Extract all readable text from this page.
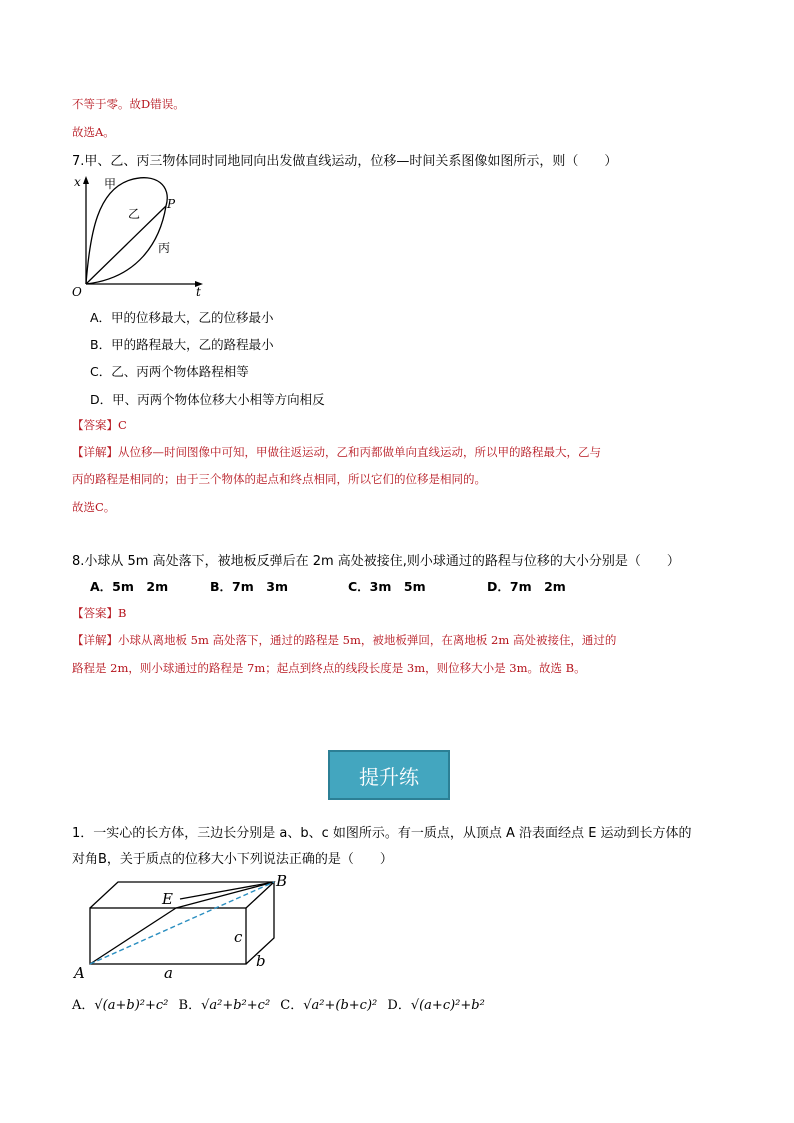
不等于零。故D错误。
故选A。
7.甲、乙、丙三物体同时同地同向出发做直线运动，位移—时间关系图像如图所示，则（　　）
x
t
O
P
甲
乙
丙
A．甲的位移最大，乙的位移最小
B．甲的路程最大，乙的路程最小
C．乙、丙两个物体路程相等
D．甲、丙两个物体位移大小相等方向相反
【答案】C
【详解】从位移—时间图像中可知，甲做往返运动，乙和丙都做单向直线运动，所以甲的路程最大，乙与
丙的路程是相同的；由于三个物体的起点和终点相同，所以它们的位移是相同的。
故选C。
8.小球从 5m 高处落下，被地板反弹后在 2m 高处被接住,则小球通过的路程与位移的大小分别是（　　）
A．5m　2m	B．7m　3m	C．3m　5m	D．7m　2m
【答案】B
【详解】小球从离地板 5m 高处落下，通过的路程是 5m，被地板弹回，在离地板 2m 高处被接住，通过的
路程是 2m，则小球通过的路程是 7m；起点到终点的线段长度是 3m，则位移大小是 3m。故选 B。
提升练
1．一实心的长方体，三边长分别是 a、b、c 如图所示。有一质点，从顶点 A 沿表面经点 E 运动到长方体的
对角B，关于质点的位移大小下列说法正确的是（　　）
A
B
E
a
b
c
A．√(a+b)²+c² B．√a²+b²+c² C．√a²+(b+c)² D．√(a+c)²+b²
